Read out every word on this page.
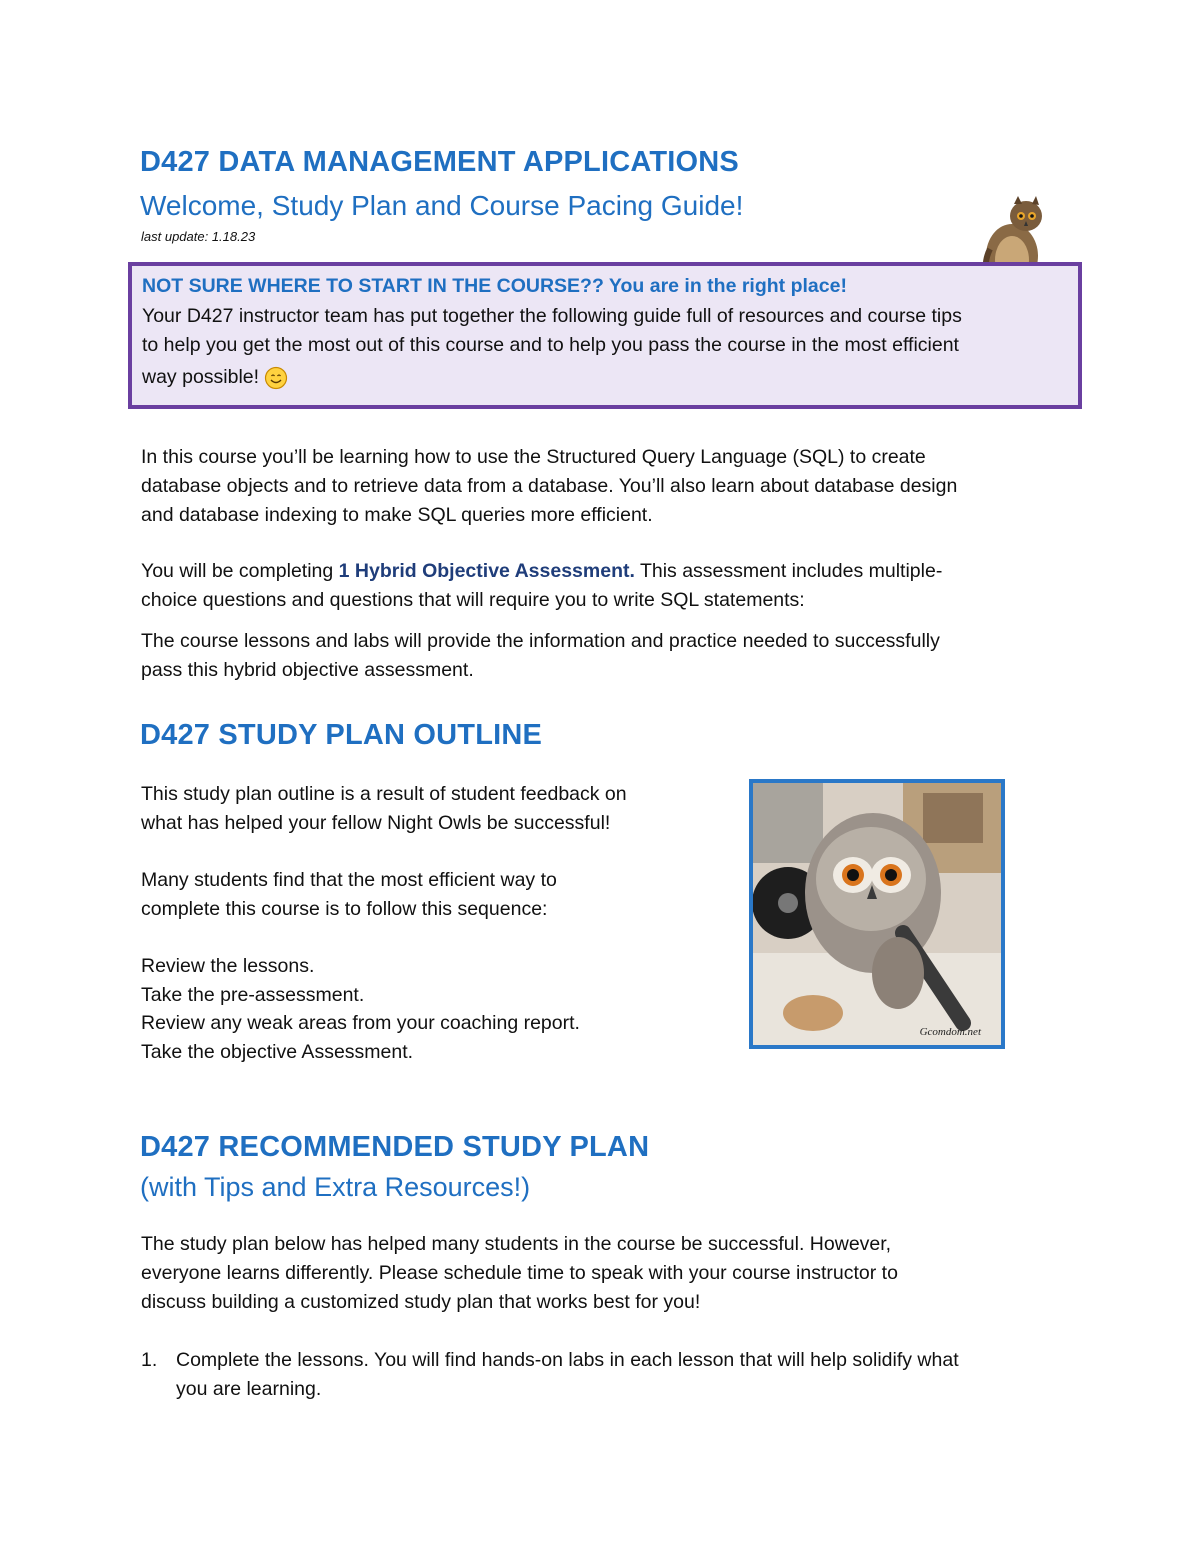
D427 DATA MANAGEMENT APPLICATIONS
Welcome, Study Plan and Course Pacing Guide!
last update: 1.18.23
NOT SURE WHERE TO START IN THE COURSE?? You are in the right place!
Your D427 instructor team has put together the following guide full of resources and course tips
to help you get the most out of this course and to help you pass the course in the most efficient
way possible!
In this course you’ll be learning how to use the Structured Query Language (SQL) to create
database objects and to retrieve data from a database. You’ll also learn about database design
and database indexing to make SQL queries more efficient.
You will be completing 1 Hybrid Objective Assessment. This assessment includes multiple-
choice questions and questions that will require you to write SQL statements:
The course lessons and labs will provide the information and practice needed to successfully
pass this hybrid objective assessment.
D427 STUDY PLAN OUTLINE
This study plan outline is a result of student feedback on
what has helped your fellow Night Owls be successful!
Many students find that the most efficient way to
complete this course is to follow this sequence:
Review the lessons.
Take the pre-assessment.
Review any weak areas from your coaching report.
Take the objective Assessment.
Gcomdom.net
D427 RECOMMENDED STUDY PLAN
(with Tips and Extra Resources!)
The study plan below has helped many students in the course be successful. However,
everyone learns differently. Please schedule time to speak with your course instructor to
discuss building a customized study plan that works best for you!
1. Complete the lessons. You will find hands-on labs in each lesson that will help solidify what
you are learning.
